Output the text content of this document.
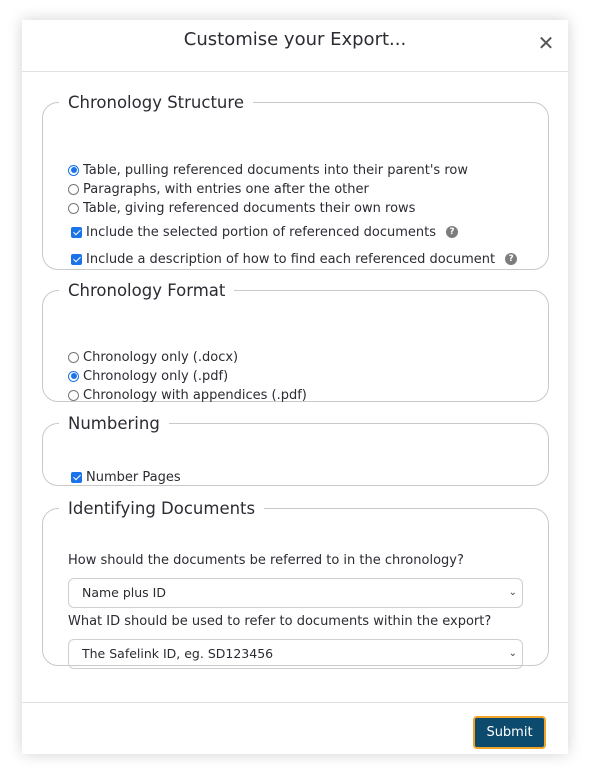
Customise your Export...	✕
Chronology Structure
Table, pulling referenced documents into their parent's row
Paragraphs, with entries one after the other
Table, giving referenced documents their own rows
Include the selected portion of referenced documents	?
Include a description of how to find each referenced document	?
Chronology Format
Chronology only (.docx)
Chronology only (.pdf)
Chronology with appendices (.pdf)
Numbering
Number Pages
Identifying Documents
How should the documents be referred to in the chronology?
Name plus ID	⌄
What ID should be used to refer to documents within the export?
The Safelink ID, eg. SD123456	⌄
Submit
